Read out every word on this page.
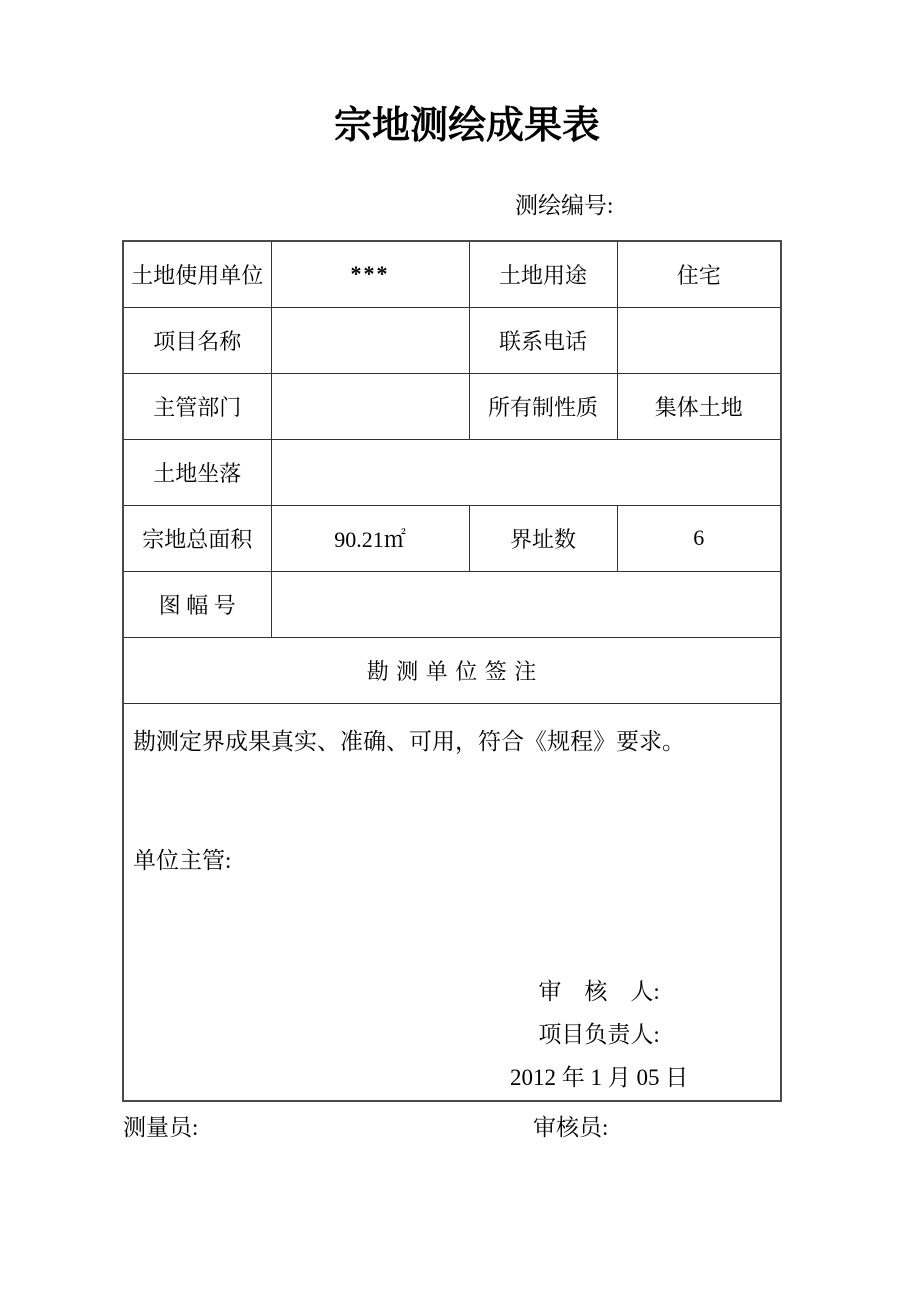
宗地测绘成果表
测绘编号:
土地使用单位	***	土地用途	住宅
项目名称		联系电话	
主管部门		所有制性质	集体土地
土地坐落			
宗地总面积	90.21㎡	界址数	6
图 幅 号			
勘 测 单 位 签 注			

勘测定界成果真实、准确、可用，符合《规程》要求。
单位主管:
审　核　人:
项目负责人:
2012 年 1 月 05 日			
测量员:	审核员:
